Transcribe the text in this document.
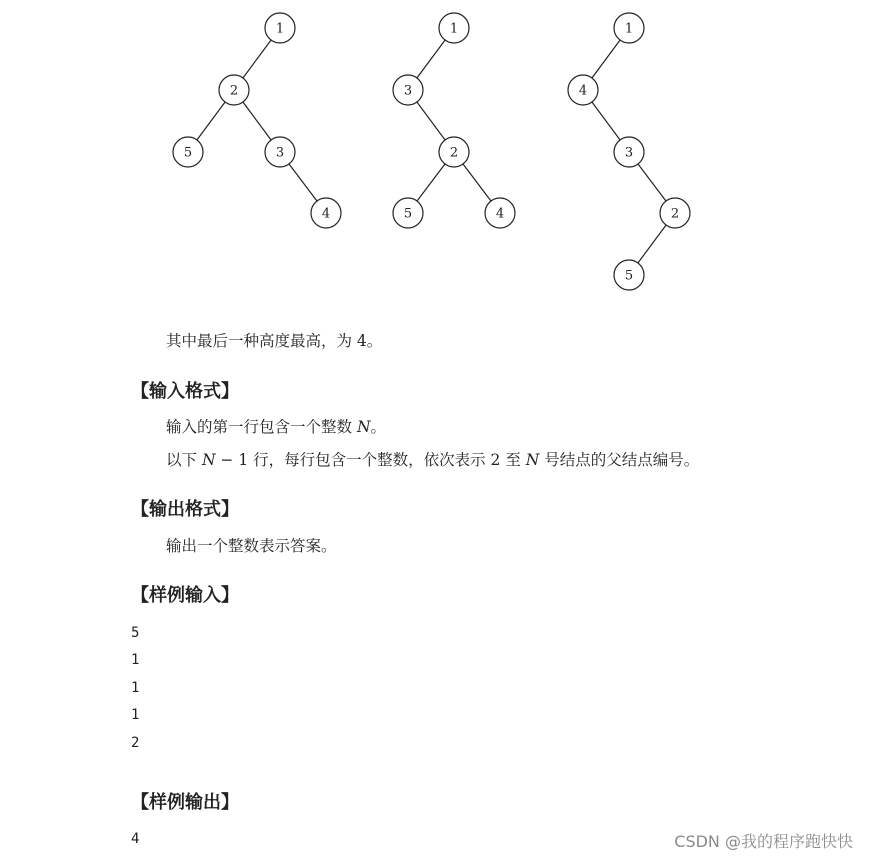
1
2
5	3
4
1
3
2
5	4
1
4
3
2
5

其中最后一种高度最高，为 4。

【输入格式】

输入的第一行包含一个整数 N。

以下 N − 1 行，每行包含一个整数，依次表示 2 至 N 号结点的父结点编号。

【输出格式】

输出一个整数表示答案。

【样例输入】

5

1

1

1

2

【样例输出】

4	CSDN @我的程序跑快快
